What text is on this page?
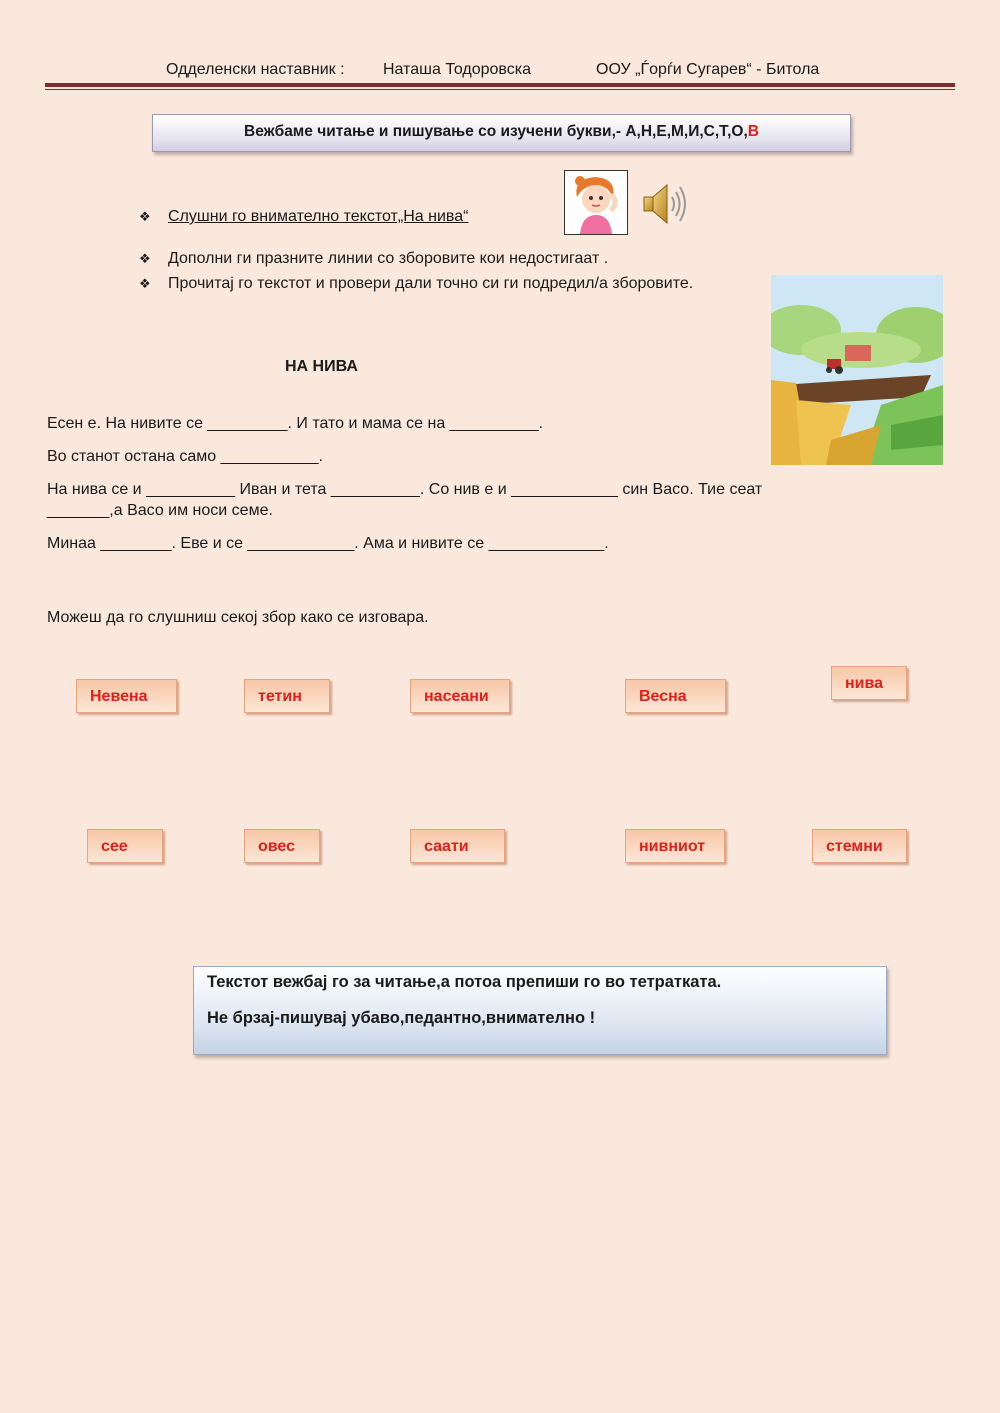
Одделенски наставник : Наташа Тодоровска	ООУ „Ѓорѓи Сугарев“ - Битола
Вежбаме читање и пишување со изучени букви,- А,Н,Е,М,И,С,Т,О,В
❖ Слушни го внимателно текстот„На нива“
❖ Дополни ги празните линии со зборовите кои недостигаат .
❖ Прочитај го текстот и провери дали точно си ги подредил/а зборовите.
НА НИВА
Есен е. На нивите се _________. И тато и мама се на __________.
Во станот остана само ___________.
На нива се и __________ Иван и тета __________. Со нив е и ____________ син Васо. Тие сеат
_______,а Васо им носи семе.
Минаа ________. Еве и се ____________. Ама и нивите се _____________.
Можеш да го слушниш секој збор како се изговара.
Невена	тетин	насеани	Весна
нива
сее	овес	саати	нивниот	стемни
Текстот вежбај го за читање,а потоа препиши го во тетратката.
Не брзај-пишувај убаво,педантно,внимателно !
